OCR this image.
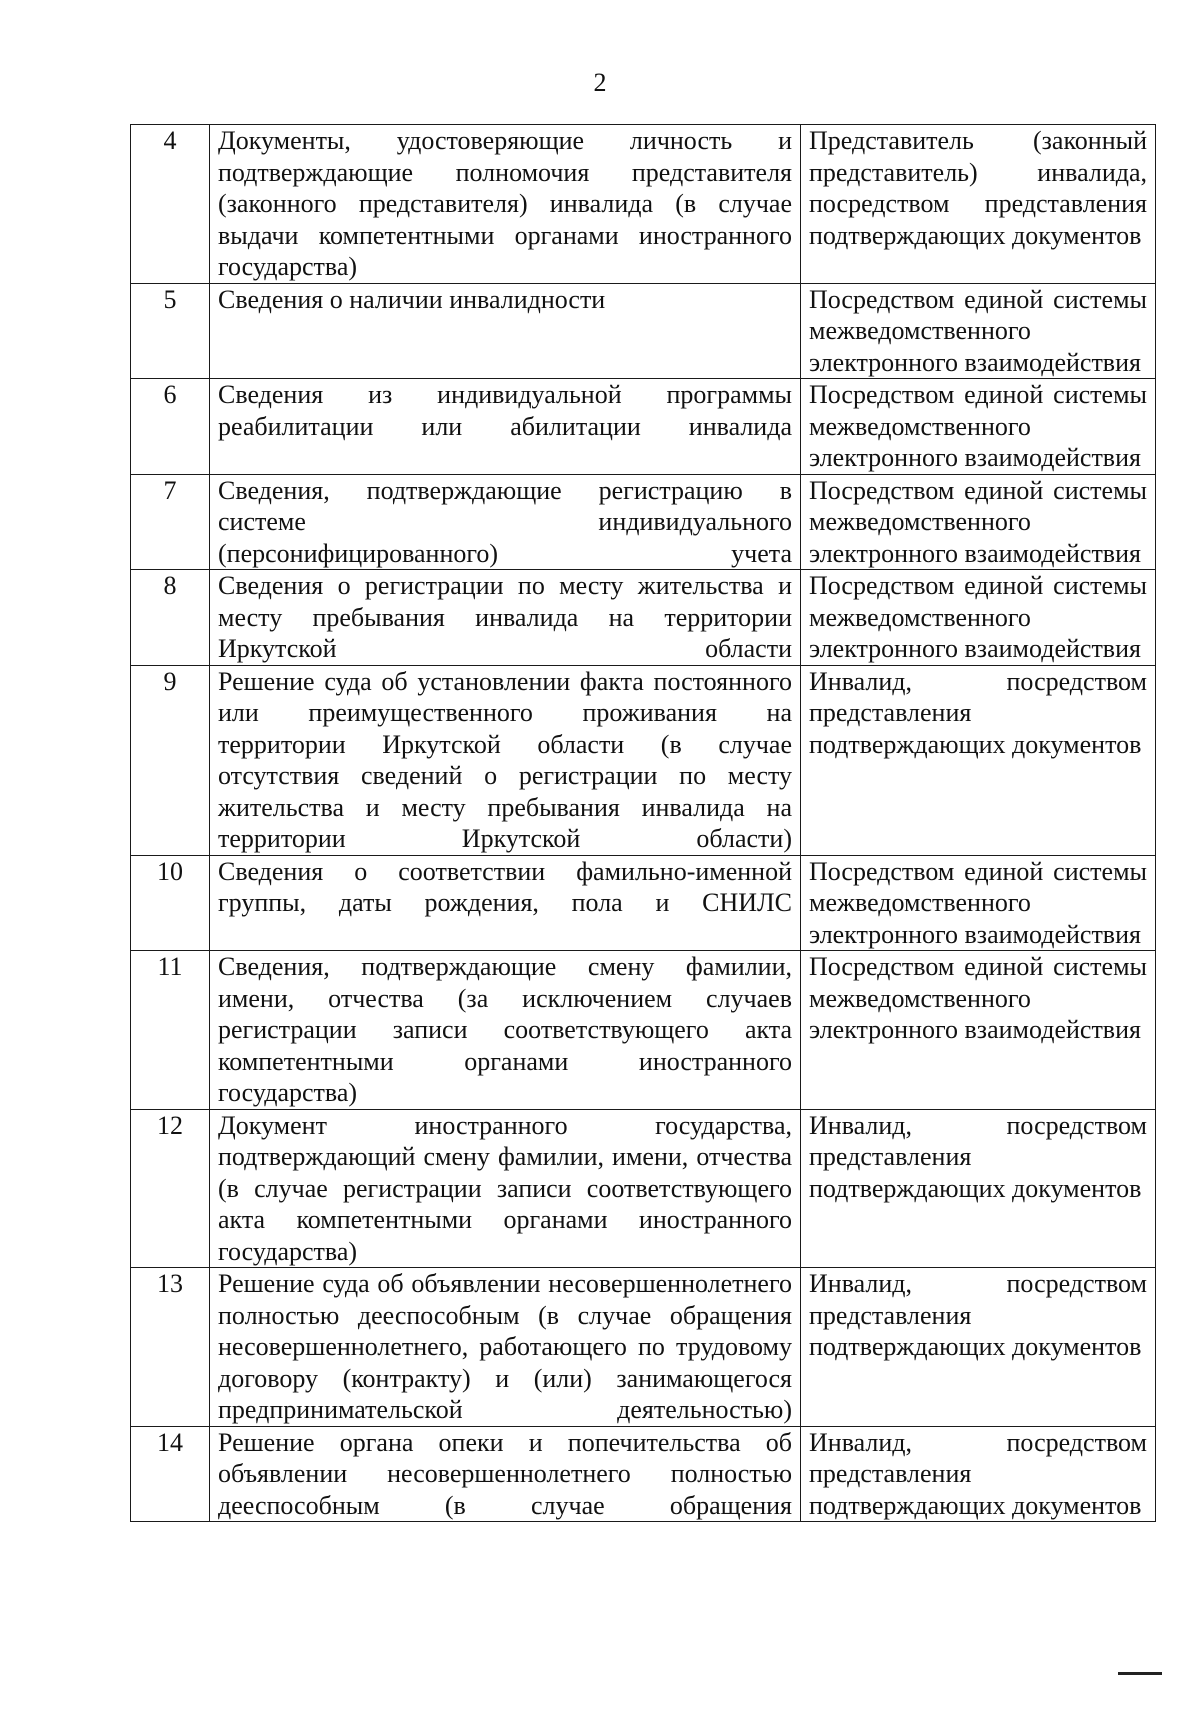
2
4	Документы, удостоверяющие личность и подтверждающие полномочия представителя (законного представителя) инвалида (в случае выдачи компетентными органами иностранного государства)	Представитель (законный представитель) инвалида, посредством представления подтверждающих документов
5	Сведения о наличии инвалидности	Посредством единой системы межведомственного электронного взаимодействия
6	Сведения из индивидуальной программы реабилитации или абилитации инвалида	Посредством единой системы межведомственного электронного взаимодействия
7	Сведения, подтверждающие регистрацию в системе индивидуального (персонифицированного) учета	Посредством единой системы межведомственного электронного взаимодействия
8	Сведения о регистрации по месту жительства и месту пребывания инвалида на территории Иркутской области	Посредством единой системы межведомственного электронного взаимодействия
9	Решение суда об установлении факта постоянного или преимущественного проживания на территории Иркутской области (в случае отсутствия сведений о регистрации по месту жительства и месту пребывания инвалида на территории Иркутской области)	Инвалид, посредством представления подтверждающих документов
10	Сведения о соответствии фамильно-именной группы, даты рождения, пола и СНИЛС	Посредством единой системы межведомственного электронного взаимодействия
11	Сведения, подтверждающие смену фамилии, имени, отчества (за исключением случаев регистрации записи соответствующего акта компетентными органами иностранного государства)	Посредством единой системы межведомственного электронного взаимодействия
12	Документ иностранного государства, подтверждающий смену фамилии, имени, отчества (в случае регистрации записи соответствующего акта компетентными органами иностранного государства)	Инвалид, посредством представления подтверждающих документов
13	Решение суда об объявлении несовершеннолетнего полностью дееспособным (в случае обращения несовершеннолетнего, работающего по трудовому договору (контракту) и (или) занимающегося предпринимательской деятельностью)	Инвалид, посредством представления подтверждающих документов
14	Решение органа опеки и попечительства об объявлении несовершеннолетнего полностью дееспособным (в случае обращения	Инвалид, посредством представления подтверждающих документов
